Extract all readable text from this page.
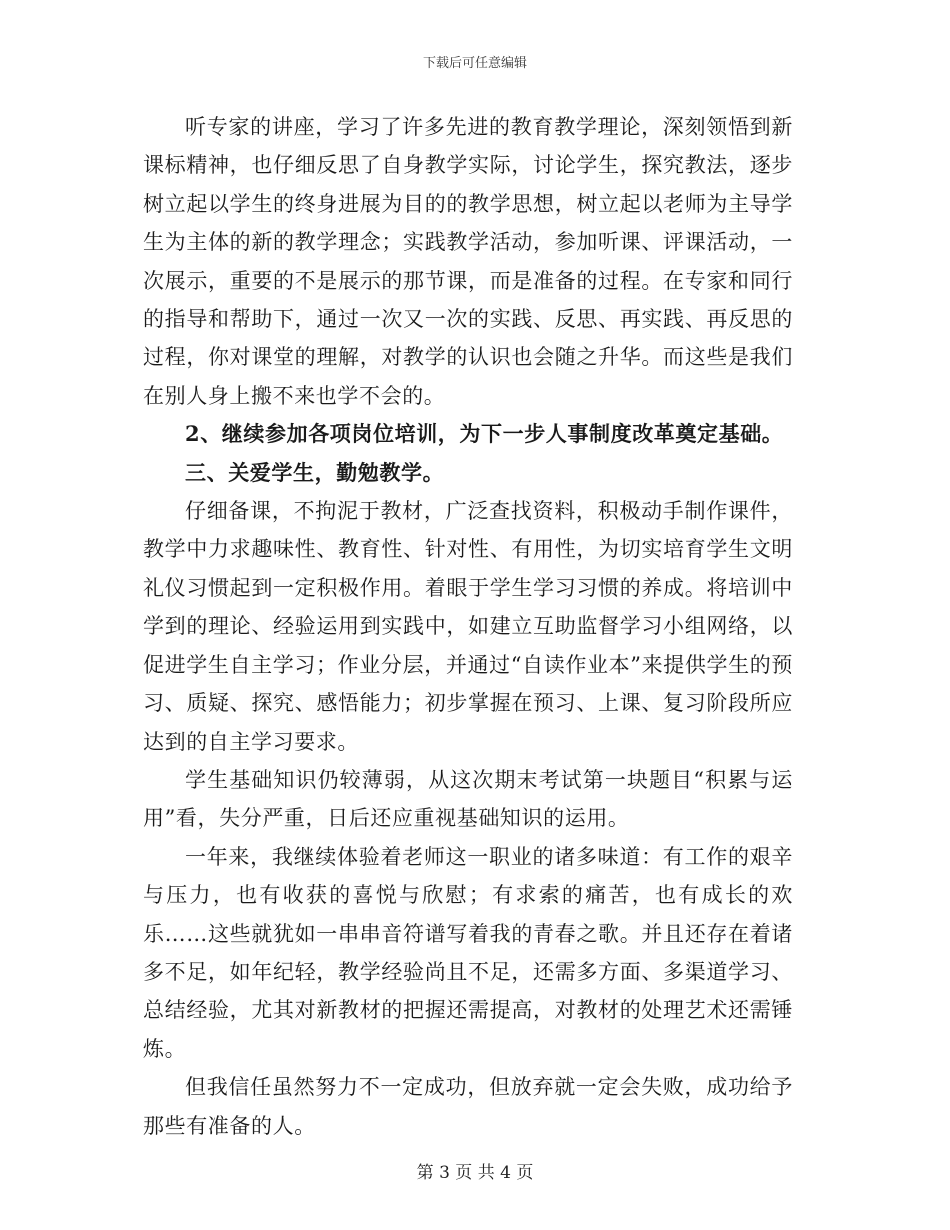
下载后可任意编辑

听专家的讲座，学习了许多先进的教育教学理论，深刻领悟到新课标精神，也仔细反思了自身教学实际，讨论学生，探究教法，逐步树立起以学生的终身进展为目的的教学思想，树立起以老师为主导学生为主体的新的教学理念；实践教学活动，参加听课、评课活动，一次展示，重要的不是展示的那节课，而是准备的过程。在专家和同行的指导和帮助下，通过一次又一次的实践、反思、再实践、再反思的过程，你对课堂的理解，对教学的认识也会随之升华。而这些是我们在别人身上搬不来也学不会的。

2、继续参加各项岗位培训，为下一步人事制度改革奠定基础。

三、关爱学生，勤勉教学。

仔细备课，不拘泥于教材，广泛查找资料，积极动手制作课件，教学中力求趣味性、教育性、针对性、有用性，为切实培育学生文明礼仪习惯起到一定积极作用。着眼于学生学习习惯的养成。将培训中学到的理论、经验运用到实践中，如建立互助监督学习小组网络，以促进学生自主学习；作业分层，并通过“自读作业本”来提供学生的预习、质疑、探究、感悟能力；初步掌握在预习、上课、复习阶段所应达到的自主学习要求。

学生基础知识仍较薄弱，从这次期末考试第一块题目“积累与运用”看，失分严重，日后还应重视基础知识的运用。

一年来，我继续体验着老师这一职业的诸多味道：有工作的艰辛与压力，也有收获的喜悦与欣慰；有求索的痛苦，也有成长的欢乐……这些就犹如一串串音符谱写着我的青春之歌。并且还存在着诸多不足，如年纪轻，教学经验尚且不足，还需多方面、多渠道学习、总结经验，尤其对新教材的把握还需提高，对教材的处理艺术还需锤炼。

但我信任虽然努力不一定成功，但放弃就一定会失败，成功给予那些有准备的人。

第 3 页 共 4 页
